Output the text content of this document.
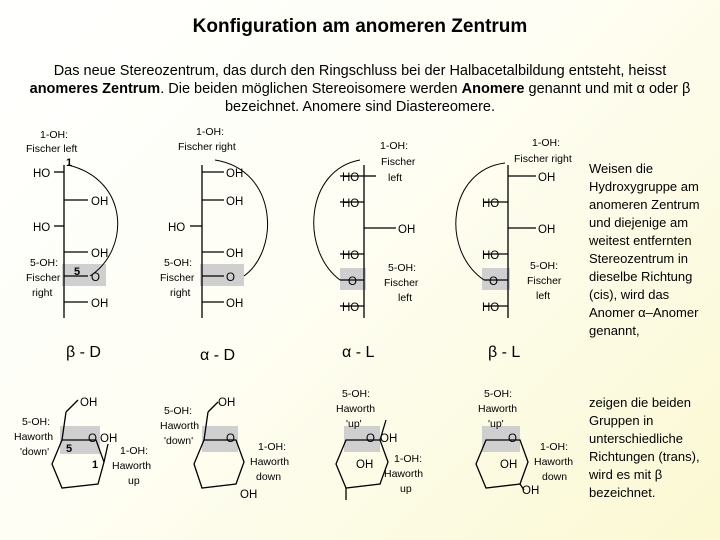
Konfiguration am anomeren Zentrum
Das neue Stereozentrum, das durch den Ringschluss bei der Halbacetalbildung entsteht, heisst anomeres Zentrum. Die beiden möglichen Stereoisomere werden Anomere genannt und mit α oder β bezeichnet. Anomere sind Diastereomere.
Weisen die Hydroxygruppe am anomeren Zentrum und diejenige am weitest entfernten Stereozentrum in dieselbe Richtung (cis), wird das Anomer α–Anomer genannt,
zeigen die beiden Gruppen in unterschiedliche Richtungen (trans), wird es mit β bezeichnet.
1-OH:
Fischer left
1
HO
OH
HO
OH
O
OH
5-OH:
Fischer
right
5
β - D
1-OH:
Fischer right
OH
OH
HO
OH
O
OH
5-OH:
Fischer
right
α - D
1-OH:
Fischer
left
HO
HO
OH
HO
O
HO
5-OH:
Fischer
left
α - L
1-OH:
Fischer right
OH
HO
OH
HO
O
HO
5-OH:
Fischer
left
β - L
OH
O OH
5-OH:
Haworth
'down' 5
1
1-OH:
Haworth
up
OH
O
OH
5-OH:
Haworth
'down'	1-OH:
Haworth
down
O OH
OH
5-OH:
Haworth
'up'
1-OH:
Haworth
up
O
OH
OH
5-OH:
Haworth
'up'
1-OH:
Haworth
down
